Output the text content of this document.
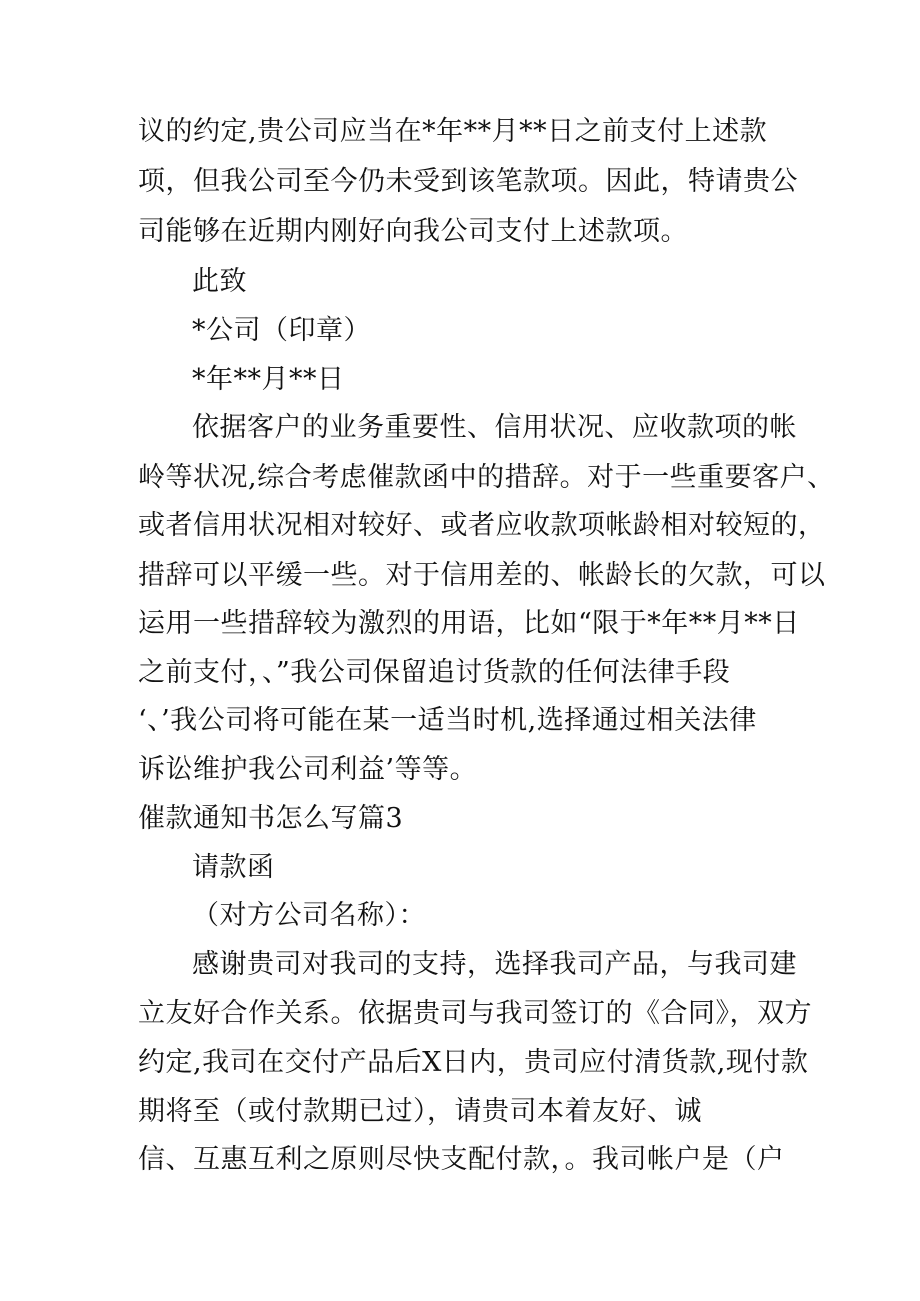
议的约定,贵公司应当在*年**月**日之前支付上述款
项，但我公司至今仍未受到该笔款项。因此，特请贵公
司能够在近期内刚好向我公司支付上述款项。
此致
*公司（印章）
*年**月**日
依据客户的业务重要性、信用状况、应收款项的帐
岭等状况,综合考虑催款函中的措辞。对于一些重要客户、
或者信用状况相对较好、或者应收款项帐龄相对较短的，
措辞可以平缓一些。对于信用差的、帐龄长的欠款，可以
运用一些措辞较为激烈的用语，比如“限于*年**月**日
之前支付，、”我公司保留追讨货款的任何法律手段
‘、’我公司将可能在某一适当时机,选择通过相关法律
诉讼维护我公司利益’等等。
催款通知书怎么写篇3
请款函
（对方公司名称）：
感谢贵司对我司的支持，选择我司产品，与我司建
立友好合作关系。依据贵司与我司签订的《合同》，双方
约定,我司在交付产品后X日内，贵司应付清货款,现付款
期将至（或付款期已过），请贵司本着友好、诚
信、互惠互利之原则尽快支配付款，。我司帐户是（户
